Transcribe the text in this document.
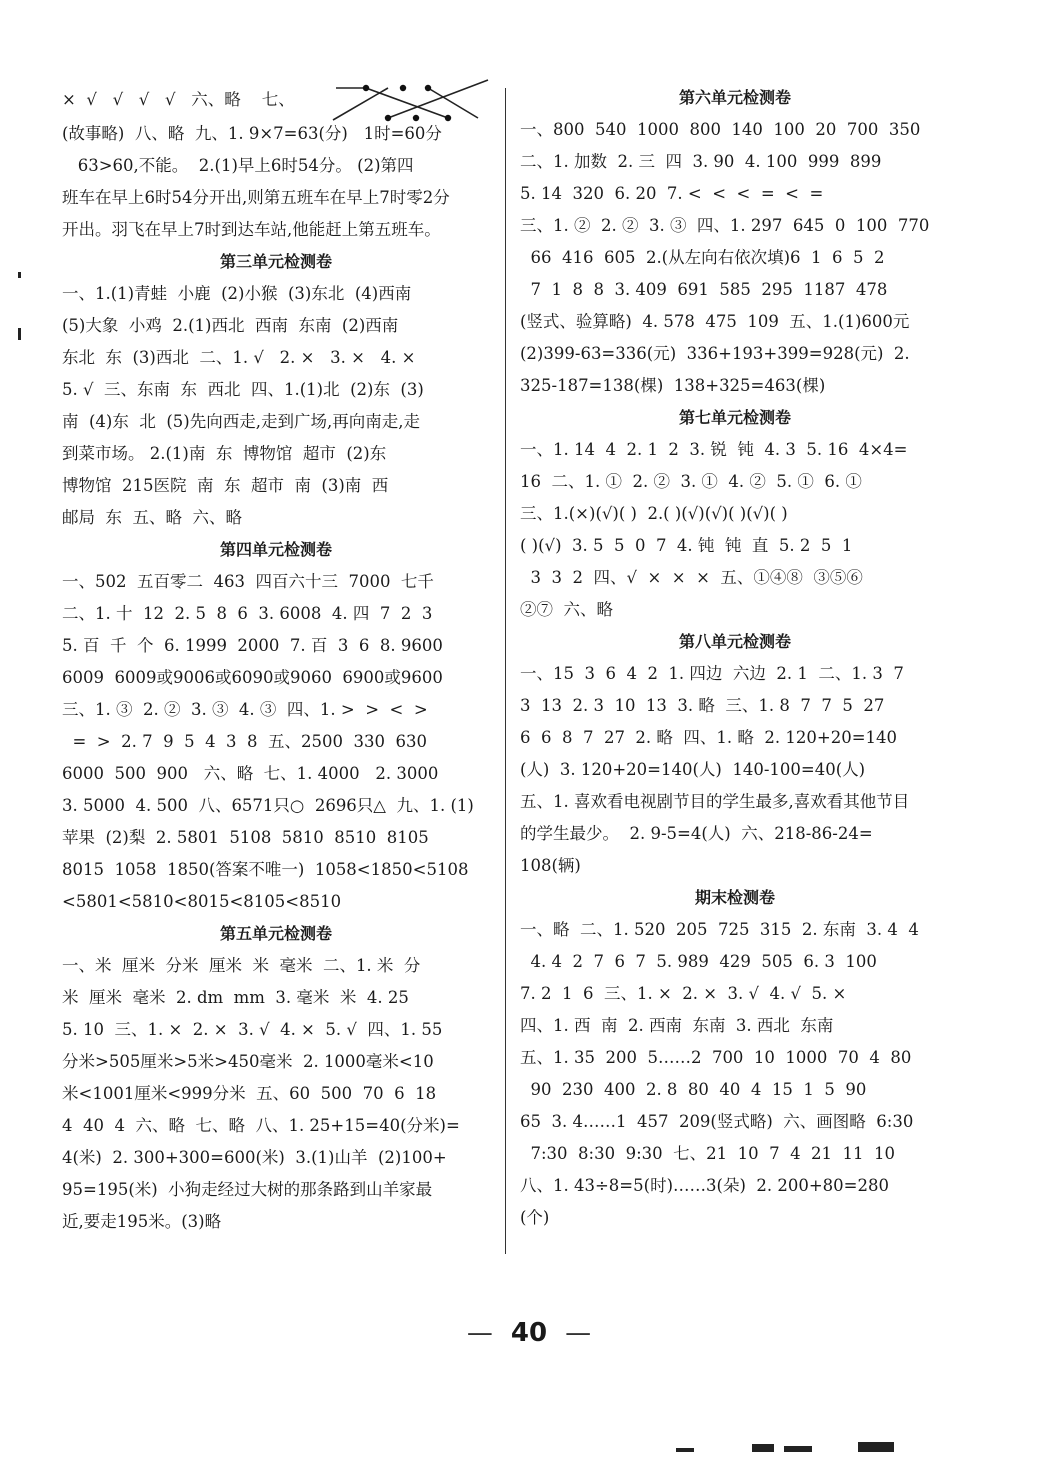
×  √   √   √   √   六、略    七、
(故事略)  八、略  九、1. 9×7=63(分)   1时=60分
63>60,不能。  2.(1)早上6时54分。 (2)第四
班车在早上6时54分开出,则第五班车在早上7时零2分
开出。羽飞在早上7时到达车站,他能赶上第五班车。
第三单元检测卷
一、1.(1)青蛙  小鹿  (2)小猴  (3)东北  (4)西南
(5)大象  小鸡  2.(1)西北  西南  东南  (2)西南
东北  东  (3)西北  二、1. √   2. ×   3. ×   4. ×
5. √  三、东南  东  西北  四、1.(1)北  (2)东  (3)
南  (4)东  北  (5)先向西走,走到广场,再向南走,走
到菜市场。 2.(1)南  东  博物馆  超市  (2)东
博物馆  215医院  南  东  超市  南  (3)南  西
邮局  东  五、略  六、略
第四单元检测卷
一、502  五百零二  463  四百六十三  7000  七千
二、1. 十  12  2. 5  8  6  3. 6008  4. 四  7  2  3
5. 百  千  个  6. 1999  2000  7. 百  3  6  8. 9600
6009  6009或9006或6090或9060  6900或9600
三、1. ③  2. ②  3. ③  4. ③  四、1. >  >  <  >
=  >  2. 7  9  5  4  3  8  五、2500  330  630
6000  500  900   六、略  七、1. 4000   2. 3000
3. 5000  4. 500  八、6571只○  2696只△  九、1. (1)
苹果  (2)梨  2. 5801  5108  5810  8510  8105
8015  1058  1850(答案不唯一)  1058<1850<5108
<5801<5810<8015<8105<8510
第五单元检测卷
一、米  厘米  分米  厘米  米  毫米  二、1. 米  分
米  厘米  毫米  2. dm  mm  3. 毫米  米  4. 25
5. 10  三、1. ×  2. ×  3. √  4. ×  5. √  四、1. 55
分米>505厘米>5米>450毫米  2. 1000毫米<10
米<1001厘米<999分米  五、60  500  70  6  18
4  40  4  六、略  七、略  八、1. 25+15=40(分米)=
4(米)  2. 300+300=600(米)  3.(1)山羊  (2)100+
95=195(米)  小狗走经过大树的那条路到山羊家最
近,要走195米。(3)略
第六单元检测卷
一、800  540  1000  800  140  100  20  700  350
二、1. 加数  2. 三  四  3. 90  4. 100  999  899
5. 14  320  6. 20  7. <  <  <  =  <  =
三、1. ②  2. ②  3. ③  四、1. 297  645  0  100  770
66  416  605  2.(从左向右依次填)6  1  6  5  2
7  1  8  8  3. 409  691  585  295  1187  478
(竖式、验算略)  4. 578  475  109  五、1.(1)600元
(2)399-63=336(元)  336+193+399=928(元)  2.
325-187=138(棵)  138+325=463(棵)
第七单元检测卷
一、1. 14  4  2. 1  2  3. 锐  钝  4. 3  5. 16  4×4=
16  二、1. ①  2. ②  3. ①  4. ②  5. ①  6. ①
三、1.(×)(√)( )  2.( )(√)(√)( )(√)( )
( )(√)  3. 5  5  0  7  4. 钝  钝  直  5. 2  5  1
3  3  2  四、√  ×  ×  ×  五、①④⑧  ③⑤⑥
②⑦  六、略
第八单元检测卷
一、15  3  6  4  2  1. 四边  六边  2. 1  二、1. 3  7
3  13  2. 3  10  13  3. 略  三、1. 8  7  7  5  27
6  6  8  7  27  2. 略  四、1. 略  2. 120+20=140
(人)  3. 120+20=140(人)  140-100=40(人)
五、1. 喜欢看电视剧节目的学生最多,喜欢看其他节目
的学生最少。  2. 9-5=4(人)  六、218-86-24=
108(辆)
期末检测卷
一、略  二、1. 520  205  725  315  2. 东南  3. 4  4
4. 4  2  7  6  7  5. 989  429  505  6. 3  100
7. 2  1  6  三、1. ×  2. ×  3. √  4. √  5. ×
四、1. 西  南  2. 西南  东南  3. 西北  东南
五、1. 35  200  5……2  700  10  1000  70  4  80
90  230  400  2. 8  80  40  4  15  1  5  90
65  3. 4……1  457  209(竖式略)  六、画图略  6:30
7:30  8:30  9:30  七、21  10  7  4  21  11  10
八、1. 43÷8=5(时)……3(朵)  2. 200+80=280
(个)
— 40 —
